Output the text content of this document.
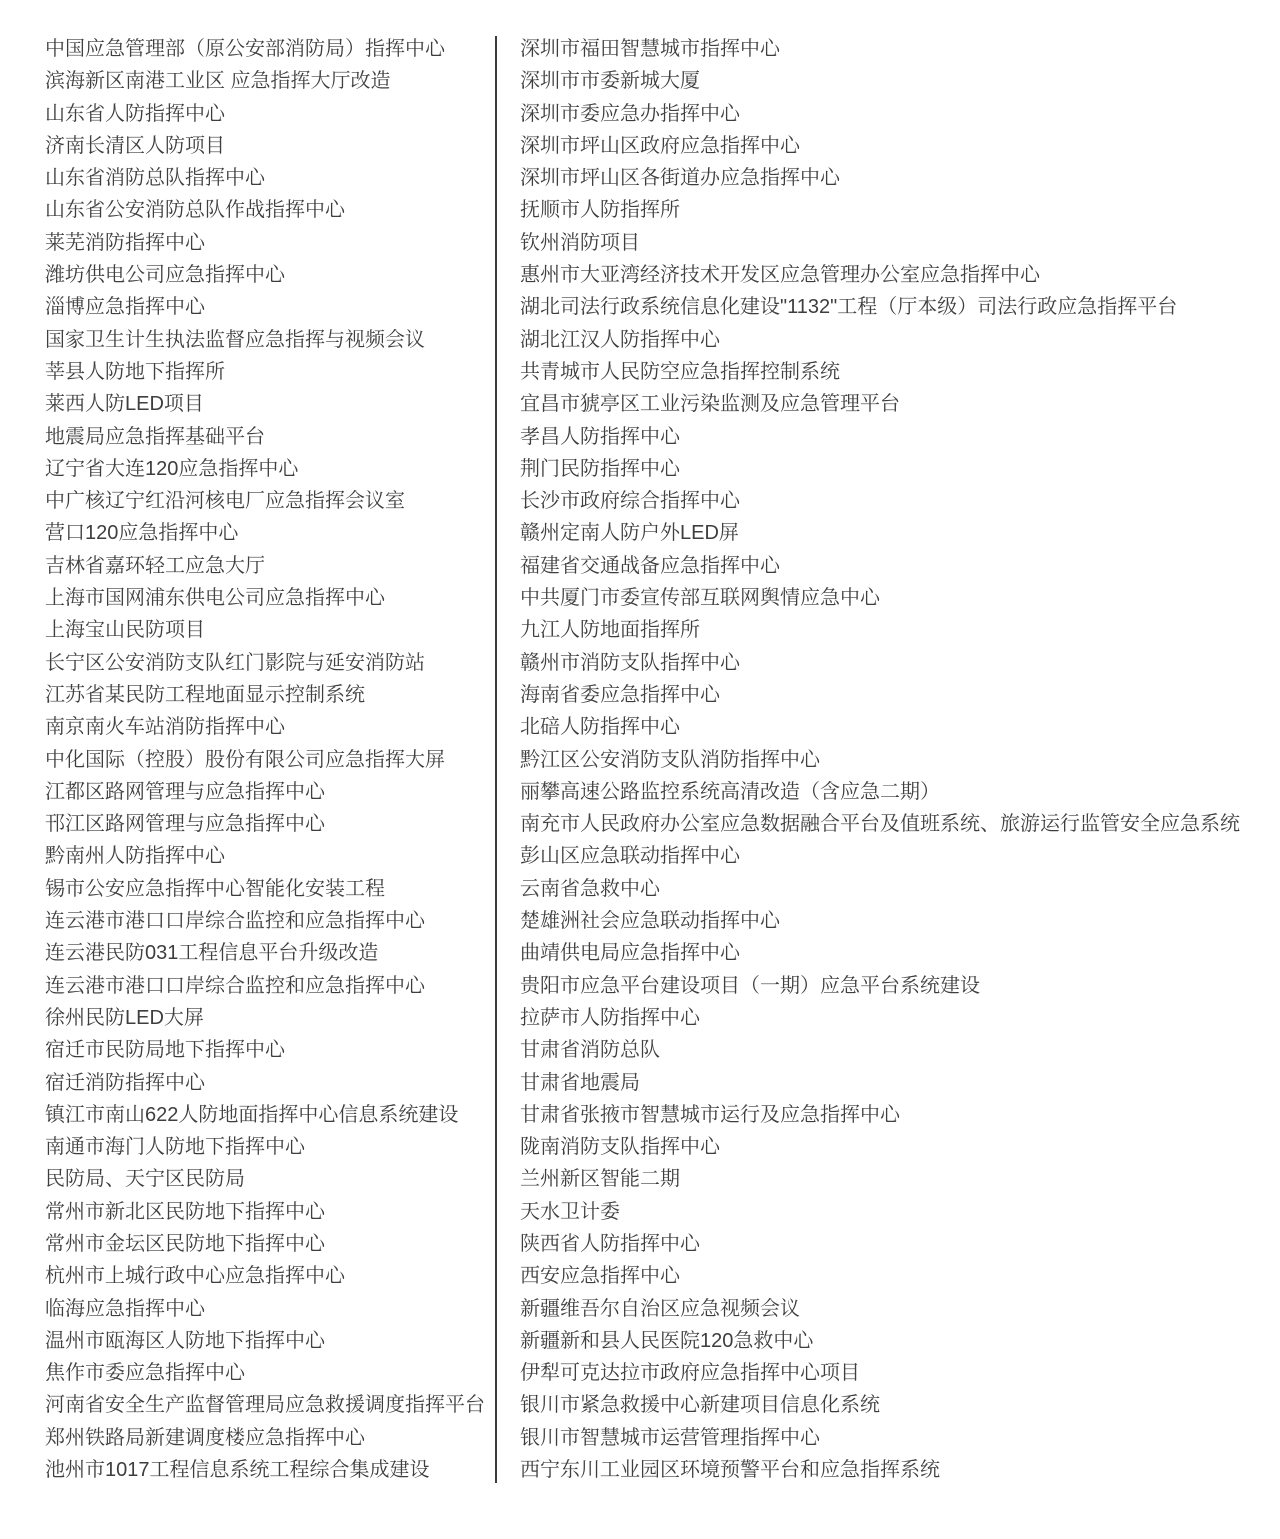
中国应急管理部（原公安部消防局）指挥中心
滨海新区南港工业区 应急指挥大厅改造
山东省人防指挥中心
济南长清区人防项目
山东省消防总队指挥中心
山东省公安消防总队作战指挥中心
莱芜消防指挥中心
潍坊供电公司应急指挥中心
淄博应急指挥中心
国家卫生计生执法监督应急指挥与视频会议
莘县人防地下指挥所
莱西人防LED项目
地震局应急指挥基础平台
辽宁省大连120应急指挥中心
中广核辽宁红沿河核电厂应急指挥会议室
营口120应急指挥中心
吉林省嘉环轻工应急大厅
上海市国网浦东供电公司应急指挥中心
上海宝山民防项目
长宁区公安消防支队红门影院与延安消防站
江苏省某民防工程地面显示控制系统
南京南火车站消防指挥中心
中化国际（控股）股份有限公司应急指挥大屏
江都区路网管理与应急指挥中心
邗江区路网管理与应急指挥中心
黔南州人防指挥中心
锡市公安应急指挥中心智能化安装工程
连云港市港口口岸综合监控和应急指挥中心
连云港民防031工程信息平台升级改造
连云港市港口口岸综合监控和应急指挥中心
徐州民防LED大屏
宿迁市民防局地下指挥中心
宿迁消防指挥中心
镇江市南山622人防地面指挥中心信息系统建设
南通市海门人防地下指挥中心
民防局、天宁区民防局
常州市新北区民防地下指挥中心
常州市金坛区民防地下指挥中心
杭州市上城行政中心应急指挥中心
临海应急指挥中心
温州市瓯海区人防地下指挥中心
焦作市委应急指挥中心
河南省安全生产监督管理局应急救援调度指挥平台
郑州铁路局新建调度楼应急指挥中心
池州市1017工程信息系统工程综合集成建设
深圳市福田智慧城市指挥中心
深圳市市委新城大厦
深圳市委应急办指挥中心
深圳市坪山区政府应急指挥中心
深圳市坪山区各街道办应急指挥中心
抚顺市人防指挥所
钦州消防项目
惠州市大亚湾经济技术开发区应急管理办公室应急指挥中心
湖北司法行政系统信息化建设"1132"工程（厅本级）司法行政应急指挥平台
湖北江汉人防指挥中心
共青城市人民防空应急指挥控制系统
宜昌市猇亭区工业污染监测及应急管理平台
孝昌人防指挥中心
荆门民防指挥中心
长沙市政府综合指挥中心
赣州定南人防户外LED屏
福建省交通战备应急指挥中心
中共厦门市委宣传部互联网舆情应急中心
九江人防地面指挥所
赣州市消防支队指挥中心
海南省委应急指挥中心
北碚人防指挥中心
黔江区公安消防支队消防指挥中心
丽攀高速公路监控系统高清改造（含应急二期）
南充市人民政府办公室应急数据融合平台及值班系统、旅游运行监管安全应急系统
彭山区应急联动指挥中心
云南省急救中心
楚雄洲社会应急联动指挥中心
曲靖供电局应急指挥中心
贵阳市应急平台建设项目（一期）应急平台系统建设
拉萨市人防指挥中心
甘肃省消防总队
甘肃省地震局
甘肃省张掖市智慧城市运行及应急指挥中心
陇南消防支队指挥中心
兰州新区智能二期
天水卫计委
陕西省人防指挥中心
西安应急指挥中心
新疆维吾尔自治区应急视频会议
新疆新和县人民医院120急救中心
伊犁可克达拉市政府应急指挥中心项目
银川市紧急救援中心新建项目信息化系统
银川市智慧城市运营管理指挥中心
西宁东川工业园区环境预警平台和应急指挥系统
